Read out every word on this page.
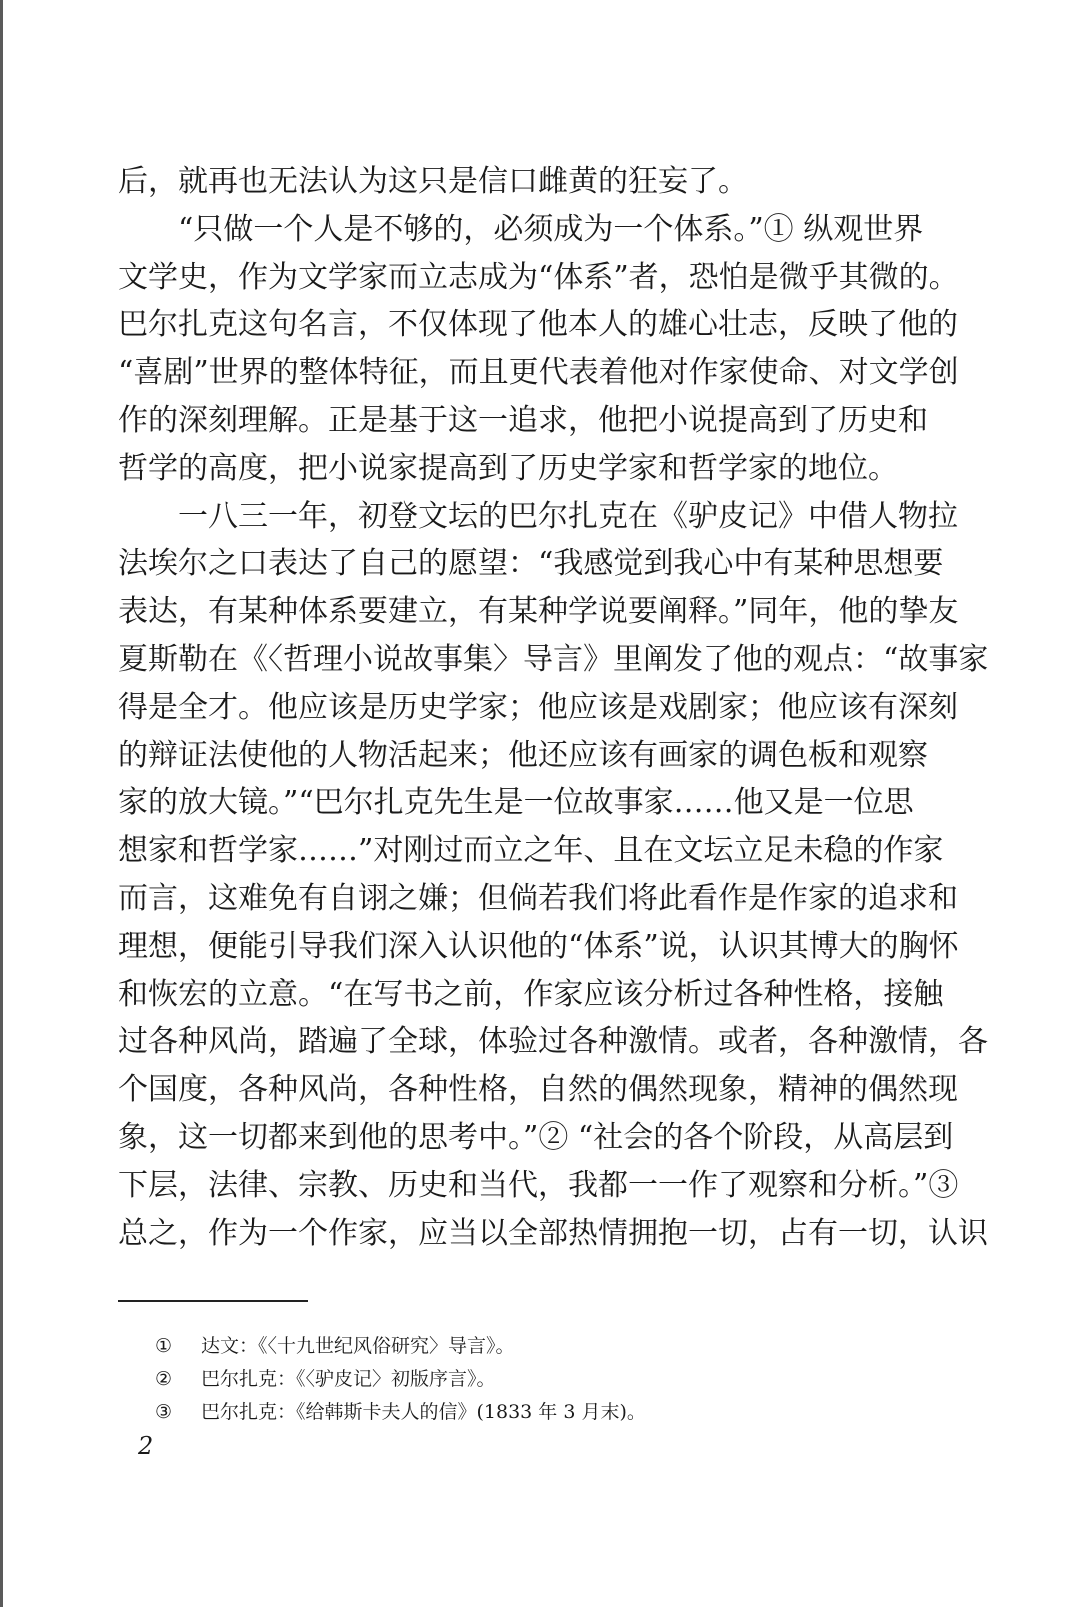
后，就再也无法认为这只是信口雌黄的狂妄了。
“只做一个人是不够的，必须成为一个体系。”① 纵观世界
文学史，作为文学家而立志成为“体系”者，恐怕是微乎其微的。
巴尔扎克这句名言，不仅体现了他本人的雄心壮志，反映了他的
“喜剧”世界的整体特征，而且更代表着他对作家使命、对文学创
作的深刻理解。正是基于这一追求，他把小说提高到了历史和
哲学的高度，把小说家提高到了历史学家和哲学家的地位。
一八三一年，初登文坛的巴尔扎克在《驴皮记》中借人物拉
法埃尔之口表达了自己的愿望：“我感觉到我心中有某种思想要
表达，有某种体系要建立，有某种学说要阐释。”同年，他的挚友
夏斯勒在《〈哲理小说故事集〉导言》里阐发了他的观点：“故事家
得是全才。他应该是历史学家；他应该是戏剧家；他应该有深刻
的辩证法使他的人物活起来；他还应该有画家的调色板和观察
家的放大镜。”“巴尔扎克先生是一位故事家……他又是一位思
想家和哲学家……”对刚过而立之年、且在文坛立足未稳的作家
而言，这难免有自诩之嫌；但倘若我们将此看作是作家的追求和
理想，便能引导我们深入认识他的“体系”说，认识其博大的胸怀
和恢宏的立意。“在写书之前，作家应该分析过各种性格，接触
过各种风尚，踏遍了全球，体验过各种激情。或者，各种激情，各
个国度，各种风尚，各种性格，自然的偶然现象，精神的偶然现
象，这一切都来到他的思考中。”② “社会的各个阶段，从高层到
下层，法律、宗教、历史和当代，我都一一作了观察和分析。”③
总之，作为一个作家，应当以全部热情拥抱一切，占有一切，认识
① 达文：《〈十九世纪风俗研究〉导言》。
② 巴尔扎克：《〈驴皮记〉初版序言》。
③ 巴尔扎克：《给韩斯卡夫人的信》(1833 年 3 月末)。
2
